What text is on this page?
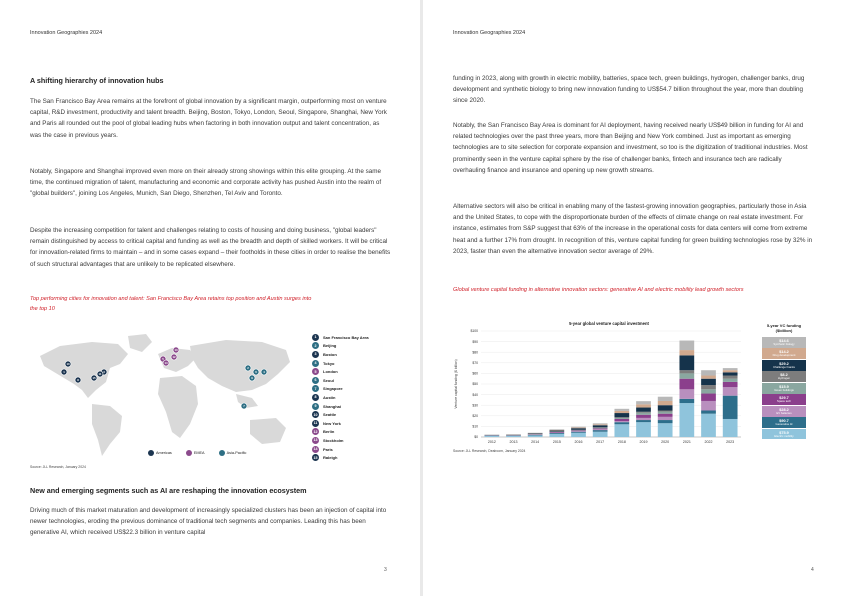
Innovation Geographies 2024
A shifting hierarchy of innovation hubs
The San Francisco Bay Area remains at the forefront of global innovation by a significant margin, outperforming most on venture capital, R&D investment, productivity and talent breadth. Beijing, Boston, Tokyo, London, Seoul, Singapore, Shanghai, New York and Paris all rounded out the pool of global leading hubs when factoring in both innovation output and talent concentration, as was the case in previous years.
Notably, Singapore and Shanghai improved even more on their already strong showings within this elite grouping. At the same time, the continued migration of talent, manufacturing and economic and corporate activity has pushed Austin into the realm of "global builders", joining Los Angeles, Munich, San Diego, Shenzhen, Tel Aviv and Toronto.
Despite the increasing competition for talent and challenges relating to costs of housing and doing business, "global leaders" remain distinguished by access to critical capital and funding as well as the breadth and depth of skilled workers. It will be critical for innovation-related firms to maintain – and in some cases expand – their footholds in these cities in order to realise the benefits of such structural advantages that are unlikely to be replicated elsewhere.
Top performing cities for innovation and talent: San Francisco Bay Area retains top position and Austin surges into the top 10
1
2
3	4
5
6
7
8	9
10
11
12
13
14
15
Source: JLL Research, January 2024
1	San Francisco Bay Area
2	Beijing
3	Boston
4	Tokyo
5	London
6	Seoul
7	Singapore
8	Austin
9	Shanghai
10	Seattle
11	New York
12	Berlin
13	Stockholm
14	Paris
15	Raleigh
Americas	EMEA	Asia-Pacific
New and emerging segments such as AI are reshaping the innovation ecosystem
Driving much of this market maturation and development of increasingly specialized clusters has been an injection of capital into newer technologies, eroding the previous dominance of traditional tech segments and companies. Leading this has been generative AI, which received US$22.3 billion in venture capital
3
Innovation Geographies 2024
funding in 2023, along with growth in electric mobility, batteries, space tech, green buildings, hydrogen, challenger banks, drug development and synthetic biology to bring new innovation funding to US$54.7 billion throughout the year, more than doubling since 2020.
Notably, the San Francisco Bay Area is dominant for AI deployment, having received nearly US$49 billion in funding for AI and related technologies over the past three years, more than Beijing and New York combined. Just as important as emerging technologies are to site selection for corporate expansion and investment, so too is the digitization of traditional industries. Most prominently seen in the venture capital sphere by the rise of challenger banks, fintech and insurance tech are radically overhauling finance and insurance and opening up new growth streams.
Alternative sectors will also be critical in enabling many of the fastest-growing innovation geographies, particularly those in Asia and the United States, to cope with the disproportionate burden of the effects of climate change on real estate investment. For instance, estimates from S&P suggest that 63% of the increase in the operational costs for data centers will come from extreme heat and a further 17% from drought. In recognition of this, venture capital funding for green building technologies rose by 32% in 2023, faster than even the alternative innovation sector average of 29%.
Global venture capital funding in alternative innovation sectors: generative AI and electric mobility lead growth sectors
5-year global venture capital investment
Venture capital funding ($ billion)
$0
$10
$20
$30
$40
$50
$60
$70
$80
$90
$100
2012	2013	2014	2015	2016	2017	2018	2019	2020	2021	2022	2023
5-year VC funding ($billion)
$14.6
Synthetic biology
$14.2
Drug development
$29.2
Challenger banks
$8.2
Hydrogen
$15.9
Green buildings
$29.7
Space tech
$28.2
EV batteries
$90.7
Generative AI
$75.9
Electric mobility
Source: JLL Research, Dealroom, January 2024
4
